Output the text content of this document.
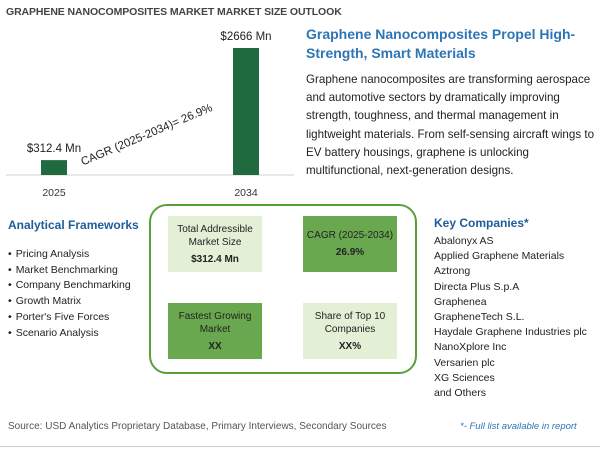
GRAPHENE NANOCOMPOSITES MARKET MARKET SIZE OUTLOOK
$312.4 Mn
2025
$2666 Mn
2034
CAGR (2025-2034)= 26.9%
Graphene Nanocomposites Propel High-Strength, Smart Materials
Graphene nanocomposites are transforming aerospace and automotive sectors by dramatically improving strength, toughness, and thermal management in lightweight materials. From self-sensing aircraft wings to EV battery housings, graphene is unlocking multifunctional, next-generation designs.
Analytical Frameworks
• Pricing Analysis
• Market Benchmarking
• Company Benchmarking
• Growth Matrix
• Porter's Five Forces
• Scenario Analysis
Total Addressible Market Size
$312.4 Mn
CAGR (2025-2034)
26.9%
Fastest Growing Market
XX
Share of Top 10 Companies
XX%
Key Companies*
Abalonyx AS
Applied Graphene Materials
Aztrong
Directa Plus S.p.A
Graphenea
GrapheneTech S.L.
Haydale Graphene Industries plc
NanoXplore Inc
Versarien plc
XG Sciences
and Others
Source: USD Analytics Proprietary Database, Primary Interviews, Secondary Sources	*- Full list available in report
